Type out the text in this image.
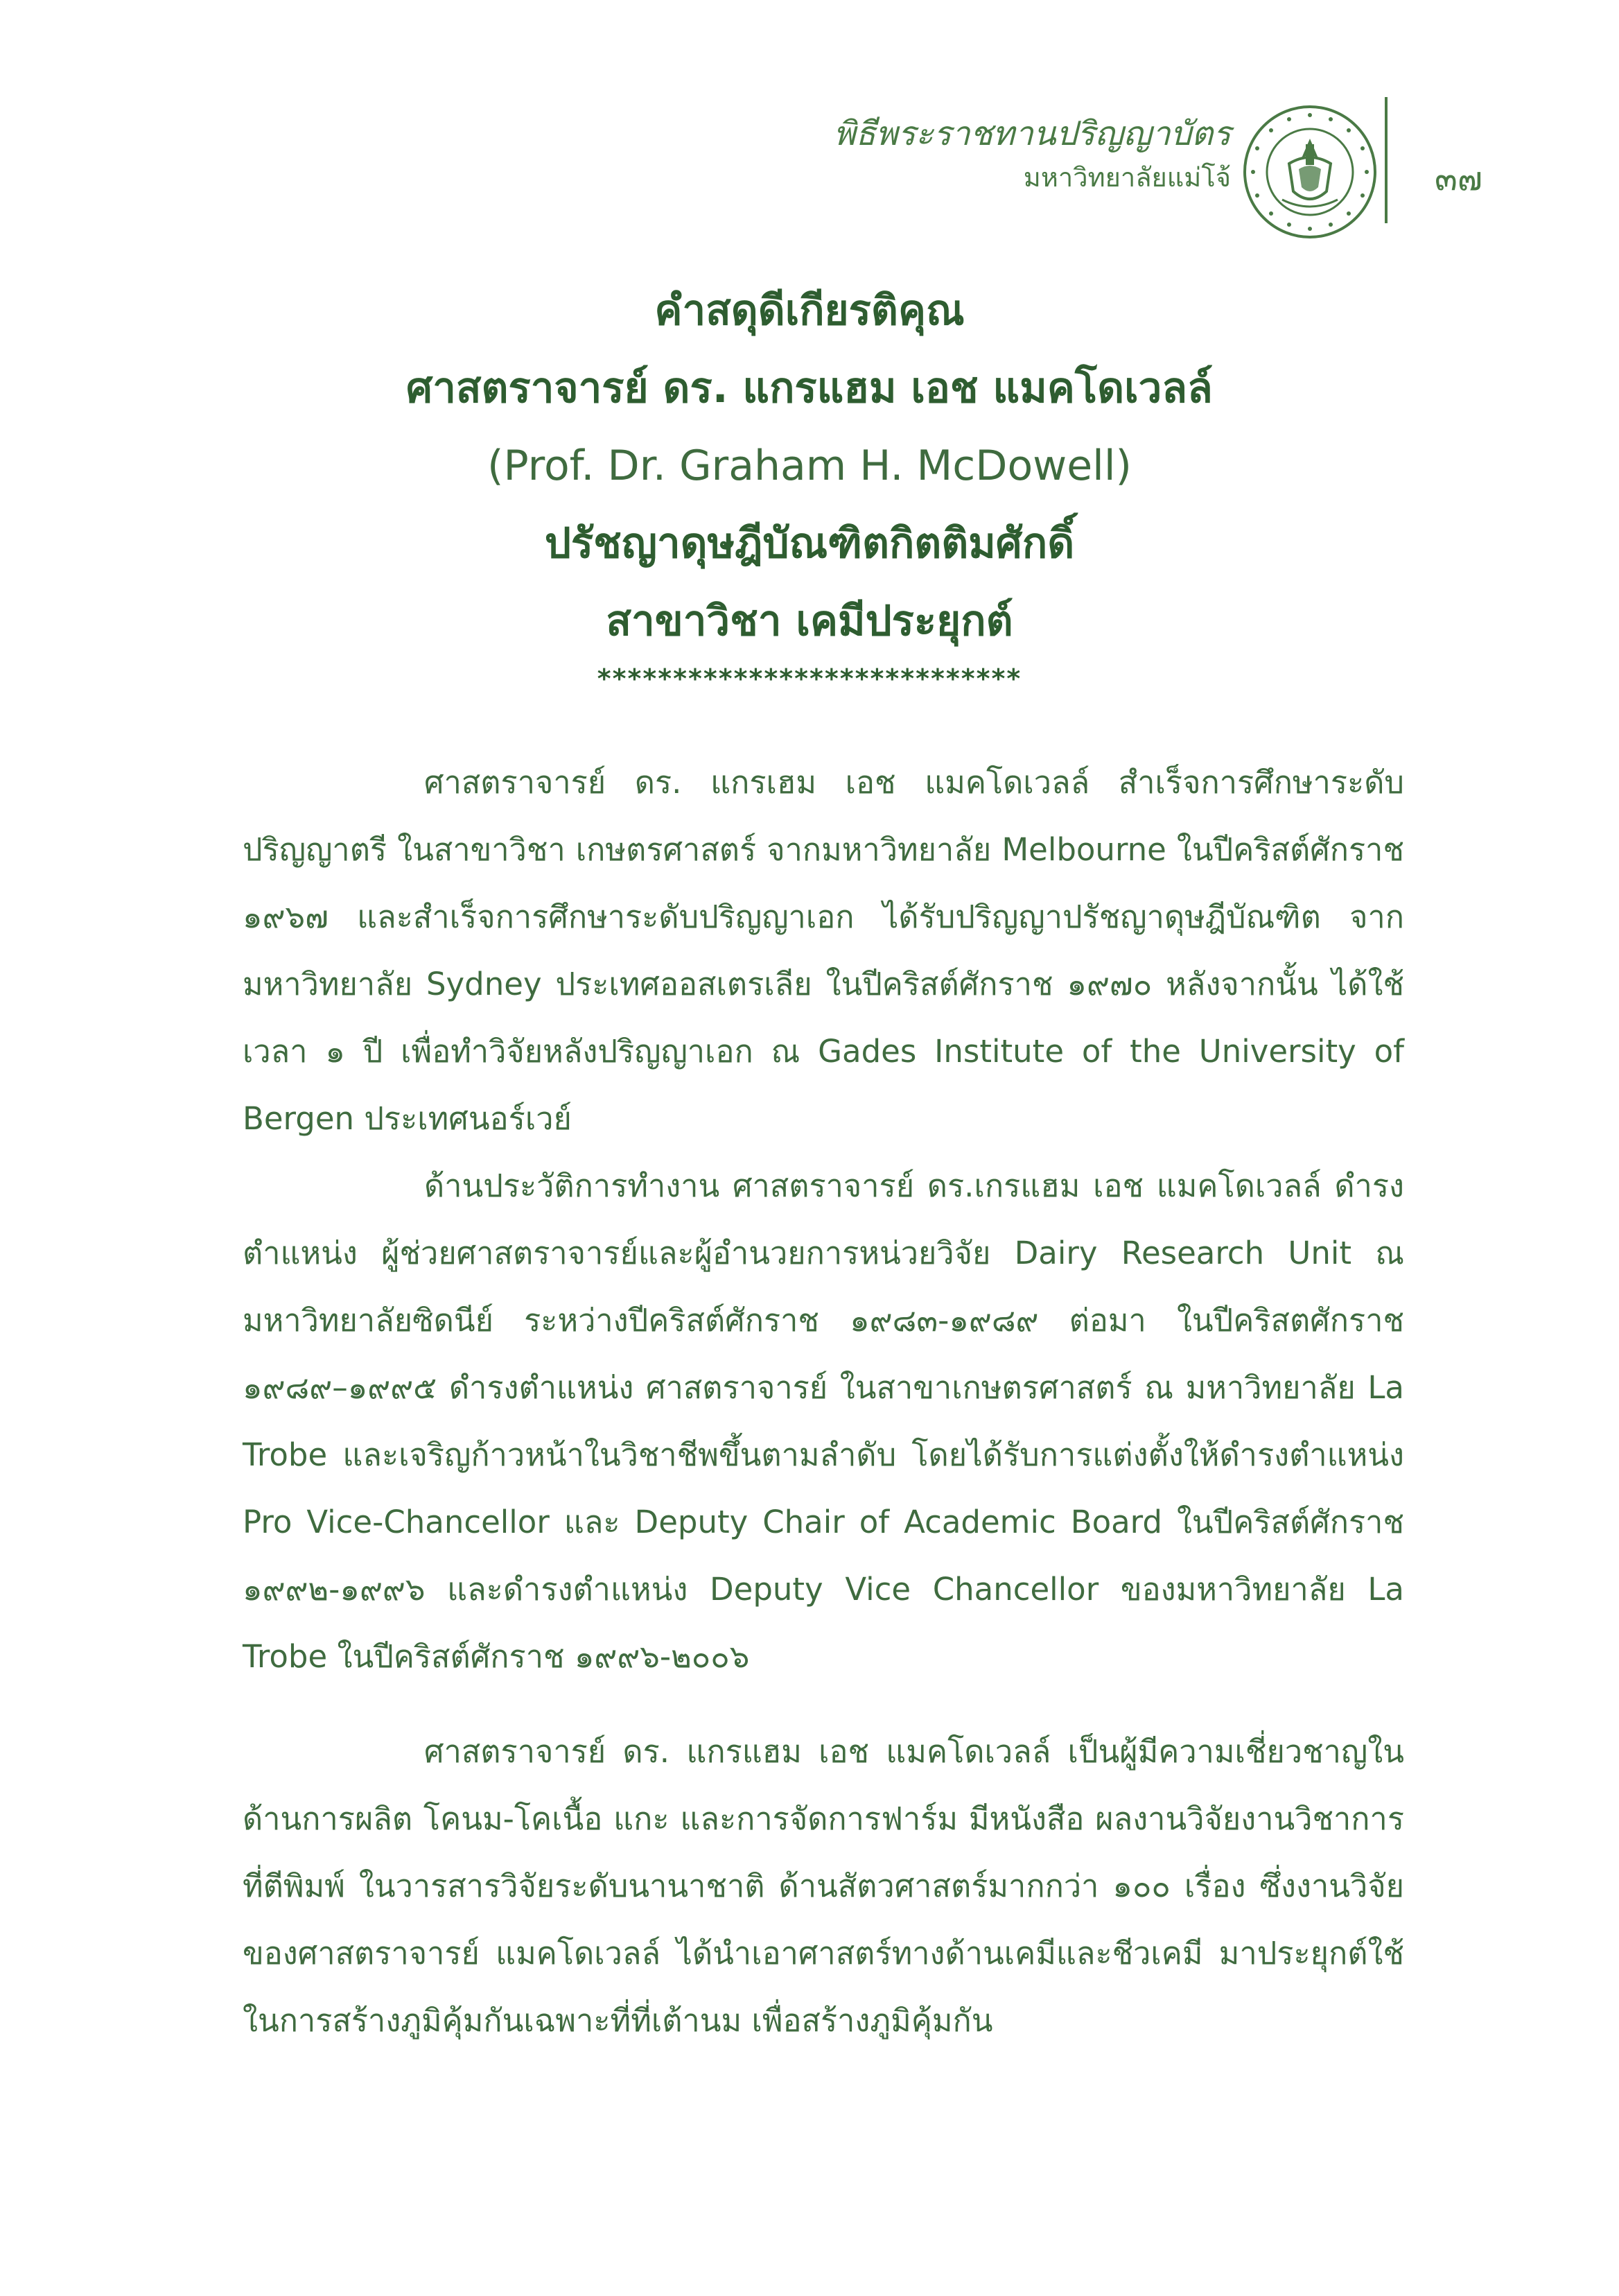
พิธีพระราชทานปริญญาบัตร
มหาวิทยาลัยแม่โจ้	๓๗
คำสดุดีเกียรติคุณ
ศาสตราจารย์ ดร. แกรแฮม เอช แมคโดเวลล์
(Prof. Dr. Graham H. McDowell)
ปรัชญาดุษฎีบัณฑิตกิตติมศักดิ์
สาขาวิชา เคมีประยุกต์
****************************

ศาสตราจารย์ ดร. แกรเฮม เอช แมคโดเวลล์ สำเร็จการศึกษาระดับปริญญาตรี ในสาขาวิชา เกษตรศาสตร์ จากมหาวิทยาลัย Melbourne ในปีคริสต์ศักราช ๑๙๖๗ และสำเร็จการศึกษาระดับปริญญาเอก ได้รับปริญญาปรัชญาดุษฎีบัณฑิต จากมหาวิทยาลัย Sydney ประเทศออสเตรเลีย ในปีคริสต์ศักราช ๑๙๗๐ หลังจากนั้น ได้ใช้เวลา ๑ ปี เพื่อทำวิจัยหลังปริญญาเอก ณ Gades Institute of the University of Bergen ประเทศนอร์เวย์

ด้านประวัติการทำงาน ศาสตราจารย์ ดร.เกรแฮม เอช แมคโดเวลล์ ดำรงตำแหน่ง ผู้ช่วยศาสตราจารย์และผู้อำนวยการหน่วยวิจัย Dairy Research Unit ณ มหาวิทยาลัยซิดนีย์ ระหว่างปีคริสต์ศักราช ๑๙๘๓-๑๙๘๙ ต่อมา ในปีคริสตศักราช ๑๙๘๙–๑๙๙๕ ดำรงตำแหน่ง ศาสตราจารย์ ในสาขาเกษตรศาสตร์ ณ มหาวิทยาลัย La Trobe และเจริญก้าวหน้าในวิชาชีพขึ้นตามลำดับ โดยได้รับการแต่งตั้งให้ดำรงตำแหน่ง Pro Vice-Chancellor และ Deputy Chair of Academic Board ในปีคริสต์ศักราช ๑๙๙๒-๑๙๙๖ และดำรงตำแหน่ง Deputy Vice Chancellor ของมหาวิทยาลัย La Trobe ในปีคริสต์ศักราช ๑๙๙๖-๒๐๐๖

ศาสตราจารย์ ดร. แกรแฮม เอช แมคโดเวลล์ เป็นผู้มีความเชี่ยวชาญในด้านการผลิต โคนม-โคเนื้อ แกะ และการจัดการฟาร์ม มีหนังสือ ผลงานวิจัยงานวิชาการที่ตีพิมพ์ ในวารสารวิจัยระดับนานาชาติ ด้านสัตวศาสตร์มากกว่า ๑๐๐ เรื่อง ซึ่งงานวิจัยของศาสตราจารย์ แมคโดเวลล์ ได้นำเอาศาสตร์ทางด้านเคมีและชีวเคมี มาประยุกต์ใช้ในการสร้างภูมิคุ้มกันเฉพาะที่ที่เต้านม เพื่อสร้างภูมิคุ้มกัน
